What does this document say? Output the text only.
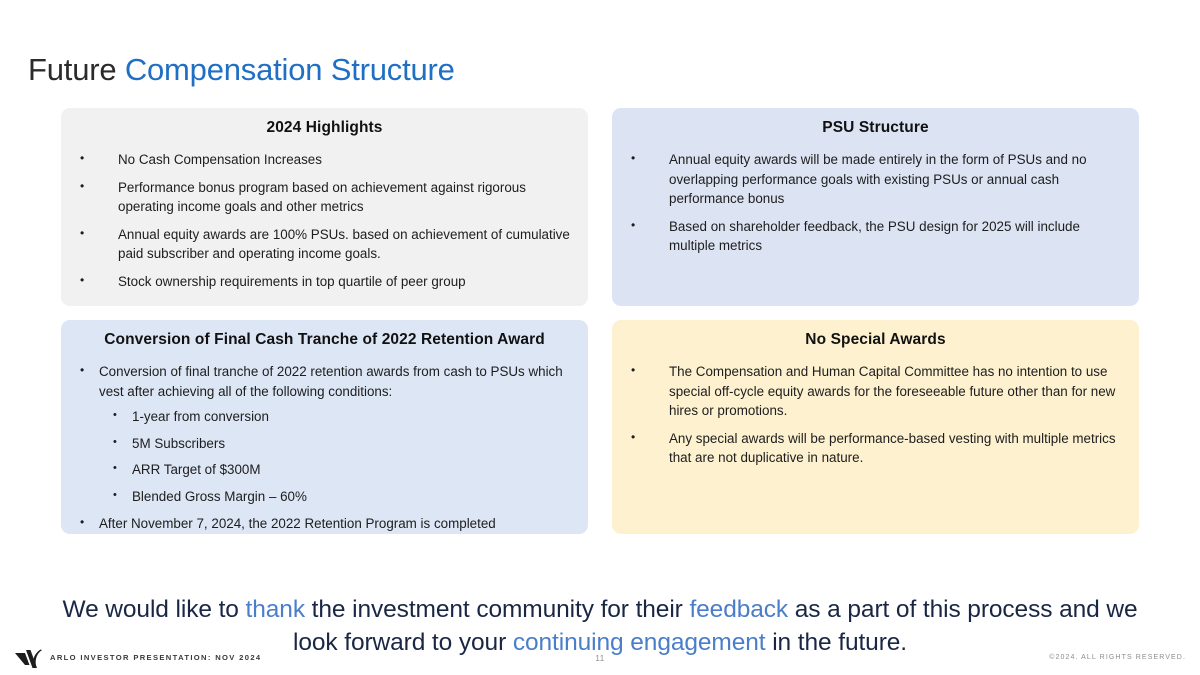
Future Compensation Structure
2024 Highlights
• No Cash Compensation Increases
• Performance bonus program based on achievement against rigorous operating income goals and other metrics
• Annual equity awards are 100% PSUs. based on achievement of cumulative paid subscriber and operating income goals.
• Stock ownership requirements in top quartile of peer group
PSU Structure
• Annual equity awards will be made entirely in the form of PSUs and no overlapping performance goals with existing PSUs or annual cash performance bonus
• Based on shareholder feedback, the PSU design for 2025 will include multiple metrics
Conversion of Final Cash Tranche of 2022 Retention Award
• Conversion of final tranche of 2022 retention awards from cash to PSUs which vest after achieving all of the following conditions:
• 1-year from conversion
• 5M Subscribers
• ARR Target of $300M
• Blended Gross Margin – 60%
• After November 7, 2024, the 2022 Retention Program is completed
No Special Awards
• The Compensation and Human Capital Committee has no intention to use special off-cycle equity awards for the foreseeable future other than for new hires or promotions.
• Any special awards will be performance-based vesting with multiple metrics that are not duplicative in nature.

We would like to thank the investment community for their feedback as a part of this process and we look forward to your continuing engagement in the future.

ARLO INVESTOR PRESENTATION: NOV 2024	11	©2024. ALL RIGHTS RESERVED.
